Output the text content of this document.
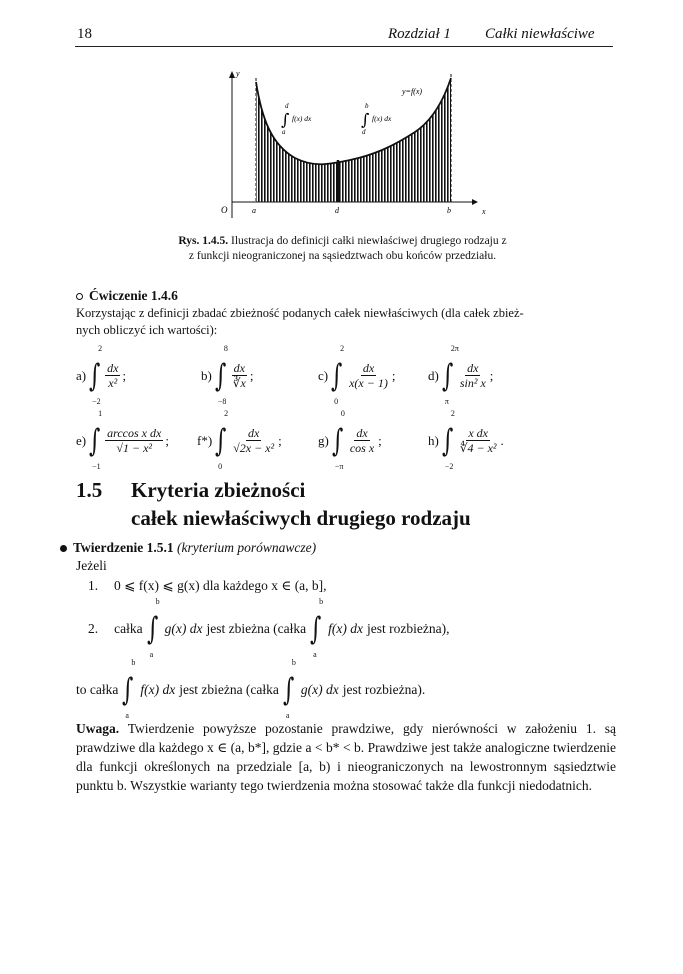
18	Rozdział 1 Całki niewłaściwe
y
x
O	a	d	b
y=f(x)
d
∫ f(x) dx
a
b
∫ f(x) dx
d
Rys. 1.4.5. Ilustracja do definicji całki niewłaściwej drugiego rodzaju z
z funkcji nieograniczonej na sąsiedztwach obu końców przedziału.
Ćwiczenie 1.4.6
Korzystając z definicji zbadać zbieżność podanych całek niewłaściwych (dla całek zbież-
nych obliczyć ich wartości):
a) ∫
2
−2
$\frac{dx}{\text{x²}}$ ;	b) ∫
8
−8
$\frac{dx}{∛x}$ ;	c) ∫
2
0
$\frac{dx}{x(x - 1)}$ ;	d) ∫
2π
π
$\frac{dx}{\text{sin² x}}$ ;
e) ∫
1
−1
$\frac{\text{arccos x dx}}{\text{√1 − x²}}$ ; f*) ∫
2
0
$\frac{dx}{\text{√2x − x²}}$ ;	g) ∫
0
−π
$\frac{dx}{\text{cos x}}$ ;	h) ∫
2
−2
$\frac{\text{x dx}}{\text{∜4 − x²}}$ .
1.5 Kryteria zbieżności
całek niewłaściwych drugiego rodzaju
Twierdzenie 1.5.1 (kryterium porównawcze)
Jeżeli
1. 0 ⩽ f(x) ⩽ g(x) dla każdego x ∈ (a, b],
2. całka ∫
b
a
g(x) dx jest zbieżna (całka ∫
b
a
f(x) dx jest rozbieżna),
to całka ∫
b
a
f(x) dx jest zbieżna (całka ∫
b
a
g(x) dx jest rozbieżna).
Uwaga. Twierdzenie powyższe pozostanie prawdziwe, gdy nierówności w założeniu 1. są prawdziwe dla każdego x ∈ (a, b*], gdzie a < b* < b. Prawdziwe jest także analogiczne twierdzenie dla funkcji określonych na przedziale [a, b) i nieograniczonych na lewostronnym sąsiedztwie punktu b. Wszystkie warianty tego twierdzenia można stosować także dla funkcji niedodatnich.
